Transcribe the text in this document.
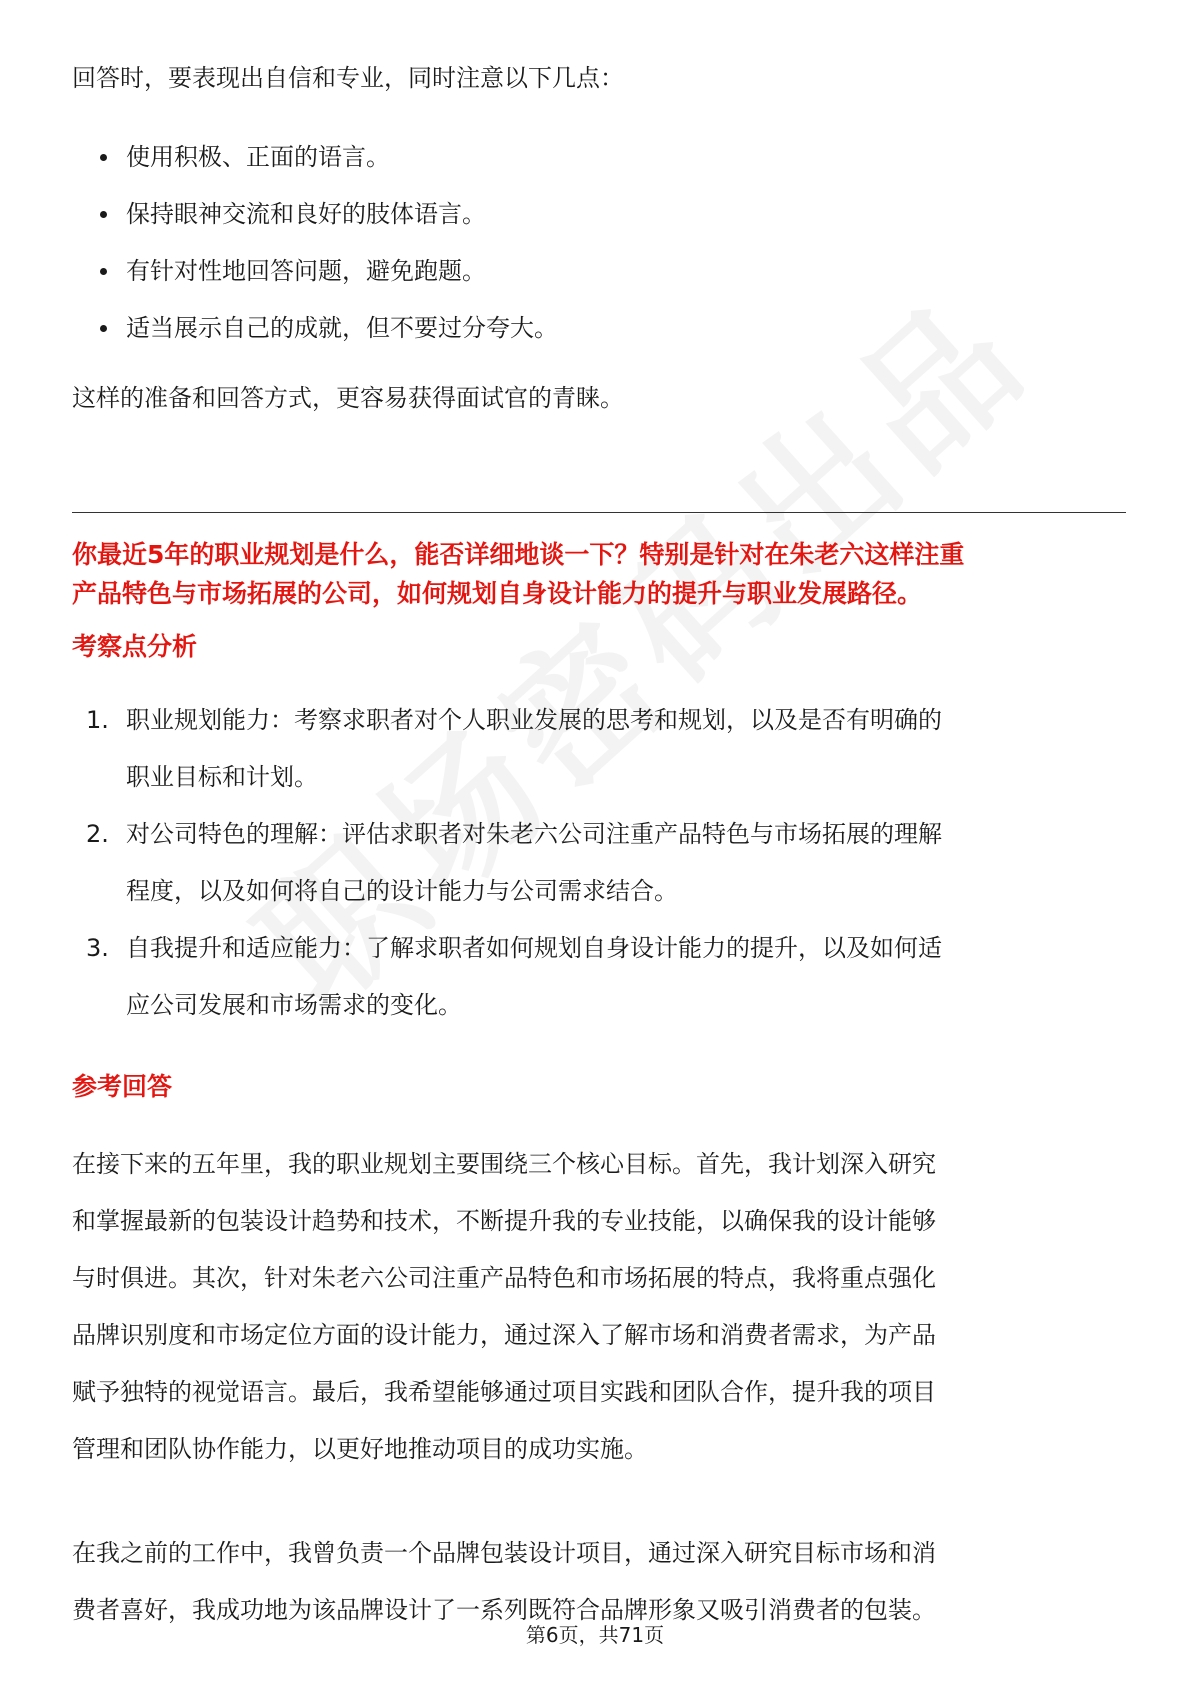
回答时，要表现出自信和专业，同时注意以下几点：
使用积极、正面的语言。
保持眼神交流和良好的肢体语言。
有针对性地回答问题，避免跑题。
适当展示自己的成就，但不要过分夸大。
这样的准备和回答方式，更容易获得面试官的青睐。
你最近5年的职业规划是什么，能否详细地谈一下？特别是针对在朱老六这样注重
产品特色与市场拓展的公司，如何规划自身设计能力的提升与职业发展路径。
考察点分析
1. 职业规划能力：考察求职者对个人职业发展的思考和规划，以及是否有明确的
职业目标和计划。
2. 对公司特色的理解：评估求职者对朱老六公司注重产品特色与市场拓展的理解
程度，以及如何将自己的设计能力与公司需求结合。
3. 自我提升和适应能力：了解求职者如何规划自身设计能力的提升，以及如何适
应公司发展和市场需求的变化。
参考回答
在接下来的五年里，我的职业规划主要围绕三个核心目标。首先，我计划深入研究
和掌握最新的包装设计趋势和技术，不断提升我的专业技能，以确保我的设计能够
与时俱进。其次，针对朱老六公司注重产品特色和市场拓展的特点，我将重点强化
品牌识别度和市场定位方面的设计能力，通过深入了解市场和消费者需求，为产品
赋予独特的视觉语言。最后，我希望能够通过项目实践和团队合作，提升我的项目
管理和团队协作能力，以更好地推动项目的成功实施。
在我之前的工作中，我曾负责一个品牌包装设计项目，通过深入研究目标市场和消
费者喜好，我成功地为该品牌设计了一系列既符合品牌形象又吸引消费者的包装。
第6页，共71页
